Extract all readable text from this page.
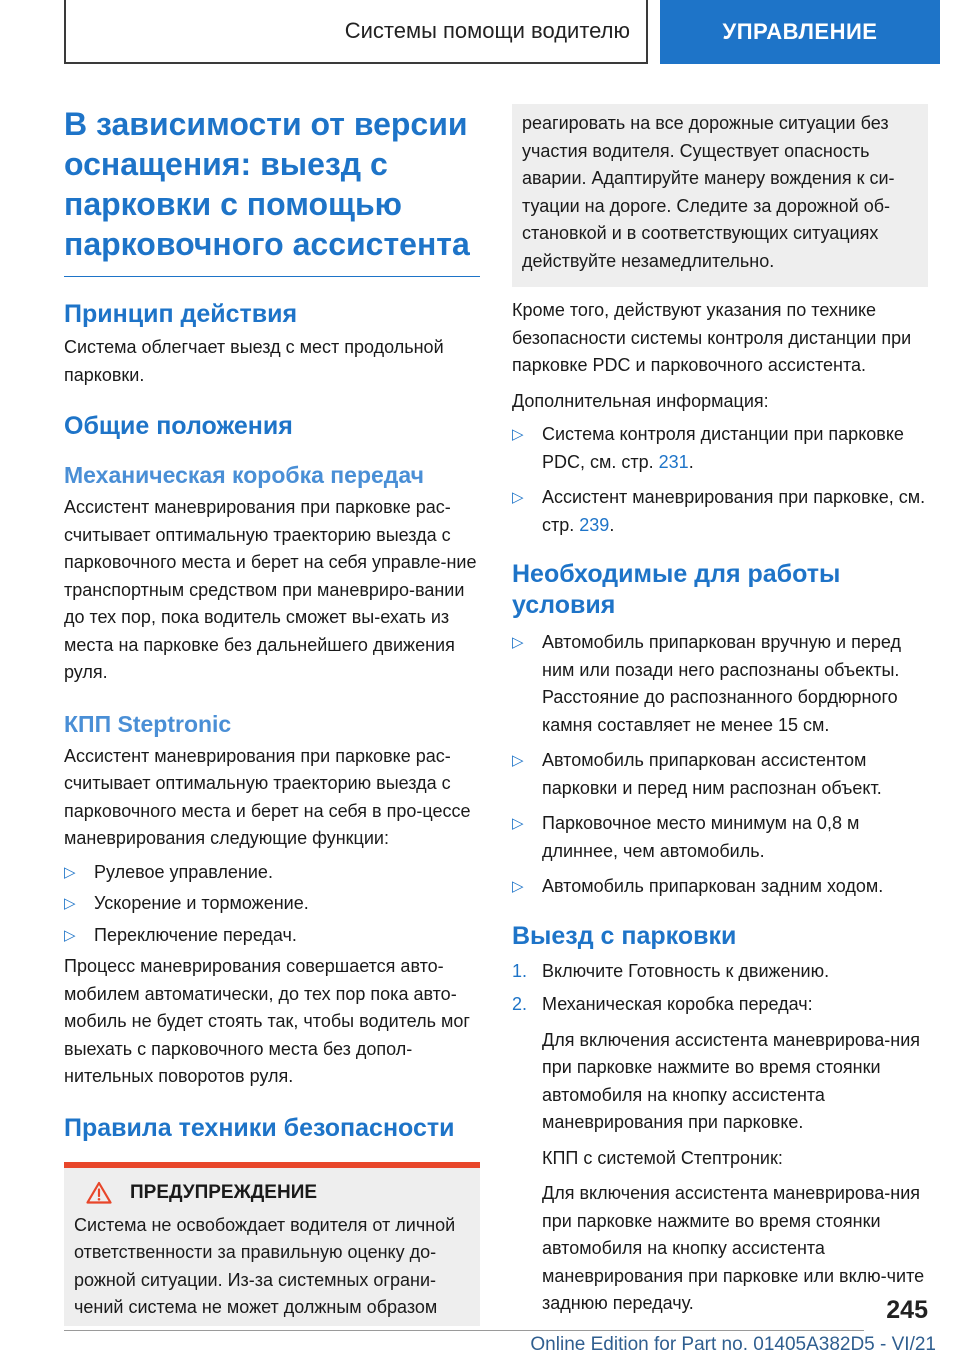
Системы помощи водителю	УПРАВЛЕНИЕ
В зависимости от версии оснащения: выезд с парковки с помощью парковочного ассистента
Принцип действия

Система облегчает выезд с мест продольной парковки.

Общие положения
Механическая коробка передач

Ассистент маневрирования при парковке рас-считывает оптимальную траекторию выезда с парковочного места и берет на себя управле-ние транспортным средством при маневриро-вании до тех пор, пока водитель сможет вы-ехать из места на парковке без дальнейшего движения руля.

КПП Steptronic

Ассистент маневрирования при парковке рас-считывает оптимальную траекторию выезда с парковочного места и берет на себя в про-цессе маневрирования следующие функции:

▷ Рулевое управление.
▷ Ускорение и торможение.
▷ Переключение передач.

Процесс маневрирования совершается авто-мобилем автоматически, до тех пор пока авто-мобиль не будет стоять так, чтобы водитель мог выехать с парковочного места без допол-нительных поворотов руля.

Правила техники безопасности
ПРЕДУПРЕЖДЕНИЕ

Система не освобождает водителя от личной ответственности за правильную оценку до-рожной ситуации. Из-за системных ограни-чений система не может должным образом

реагировать на все дорожные ситуации без участия водителя. Существует опасность аварии. Адаптируйте манеру вождения к си-туации на дороге. Следите за дорожной об-становкой и в соответствующих ситуациях действуйте незамедлительно.

Кроме того, действуют указания по технике безопасности системы контроля дистанции при парковке PDC и парковочного ассистента.

Дополнительная информация:

▷ Система контроля дистанции при парковке PDC, см. стр. 231.
▷ Ассистент маневрирования при парковке, см. стр. 239.
Необходимые для работы условия
▷ Автомобиль припаркован вручную и перед ним или позади него распознаны объекты. Расстояние до распознанного бордюрного камня составляет не менее 15 см.
▷ Автомобиль припаркован ассистентом парковки и перед ним распознан объект.
▷ Парковочное место минимум на 0,8 м длиннее, чем автомобиль.
▷ Автомобиль припаркован задним ходом.
Выезд с парковки
1. Включите Готовность к движению.
2. Механическая коробка передач:

Для включения ассистента маневрирова-ния при парковке нажмите во время стоянки автомобиля на кнопку ассистента маневрирования при парковке.

КПП с системой Стептроник:

Для включения ассистента маневрирова-ния при парковке нажмите во время стоянки автомобиля на кнопку ассистента маневрирования при парковке или вклю-чите заднюю передачу.	245
Online Edition for Part no. 01405A382D5 - VI/21
